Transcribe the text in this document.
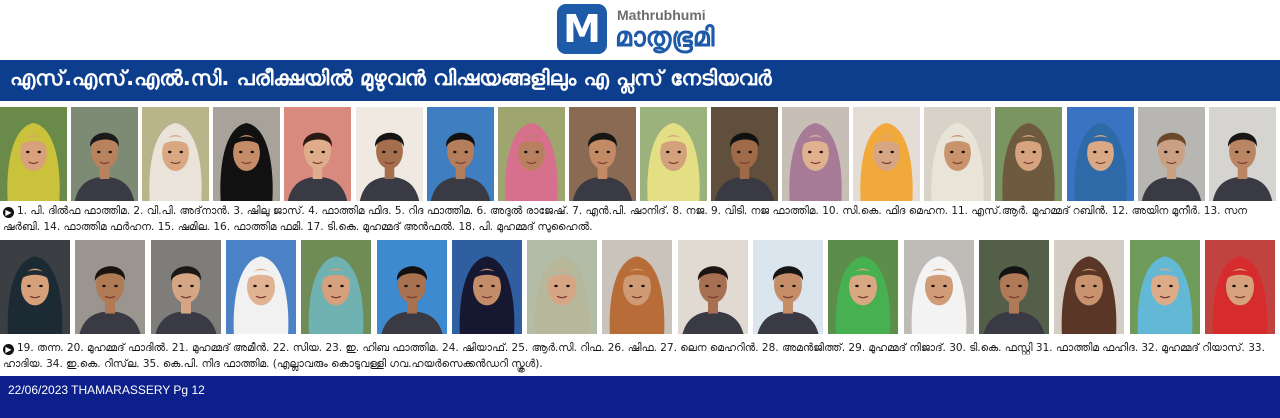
M Mathrubhumi
മാതൃഭൂമി
എസ്.എസ്.എൽ.സി. പരീക്ഷയിൽ മുഴുവൻ വിഷയങ്ങളിലും എ പ്ലസ് നേടിയവർ
▶ 1. പി. ദിൽഫ ഫാത്തിമ. 2. വി.പി. അദ്‌നാൻ. 3. ഷിലു ജാസ്. 4. ഫാത്തിമ ഫിദ. 5. റിദ ഫാത്തിമ. 6. അദുൽ രാജേഷ്. 7. എൻ.പി. ഷാനിദ്. 8. നജ. 9. വിടി. നജ ഫാത്തിമ. 10. സി.കെ. ഫിദ മെഹന. 11. എസ്.ആർ. മുഹമ്മദ് റബിൻ. 12. അയിന മുനീർ. 13. സന ഷർബി. 14. ഫാത്തിമ ഫർഹന. 15. ഷമില. 16. ഫാത്തിമ ഫമി. 17. ടി.കെ. മുഹമ്മദ് അൻഫൽ. 18. പി. മുഹമ്മദ് സുഹൈൽ.
▶ 19. തന്ന. 20. മുഹമ്മദ് ഫാദിൽ. 21. മുഹമ്മദ് അമീൻ. 22. സിയ. 23. ഇ. ഹിബ ഫാത്തിമ. 24. ഷിയാഫ്. 25. ആർ.സി. റിഫ. 26. ഷിഫ. 27. ലെന മെഹറിൻ. 28. അമൻജിത്ത്. 29. മുഹമ്മദ് നിജാദ്. 30. ടി.കെ. ഫസ്റ്റി 31. ഫാത്തിമ ഫഹിദ. 32. മുഹമ്മദ് റിയാസ്. 33. ഹാദിയ. 34. ഇ.കെ. റിസ്‌ല. 35. കെ.പി. നിദ ഫാത്തിമ. (എല്ലാവരും കൊടുവള്ളി ഗവ.ഹയർസെക്കൻഡറി സ്കൂൾ).
22/06/2023 THAMARASSERY Pg 12
